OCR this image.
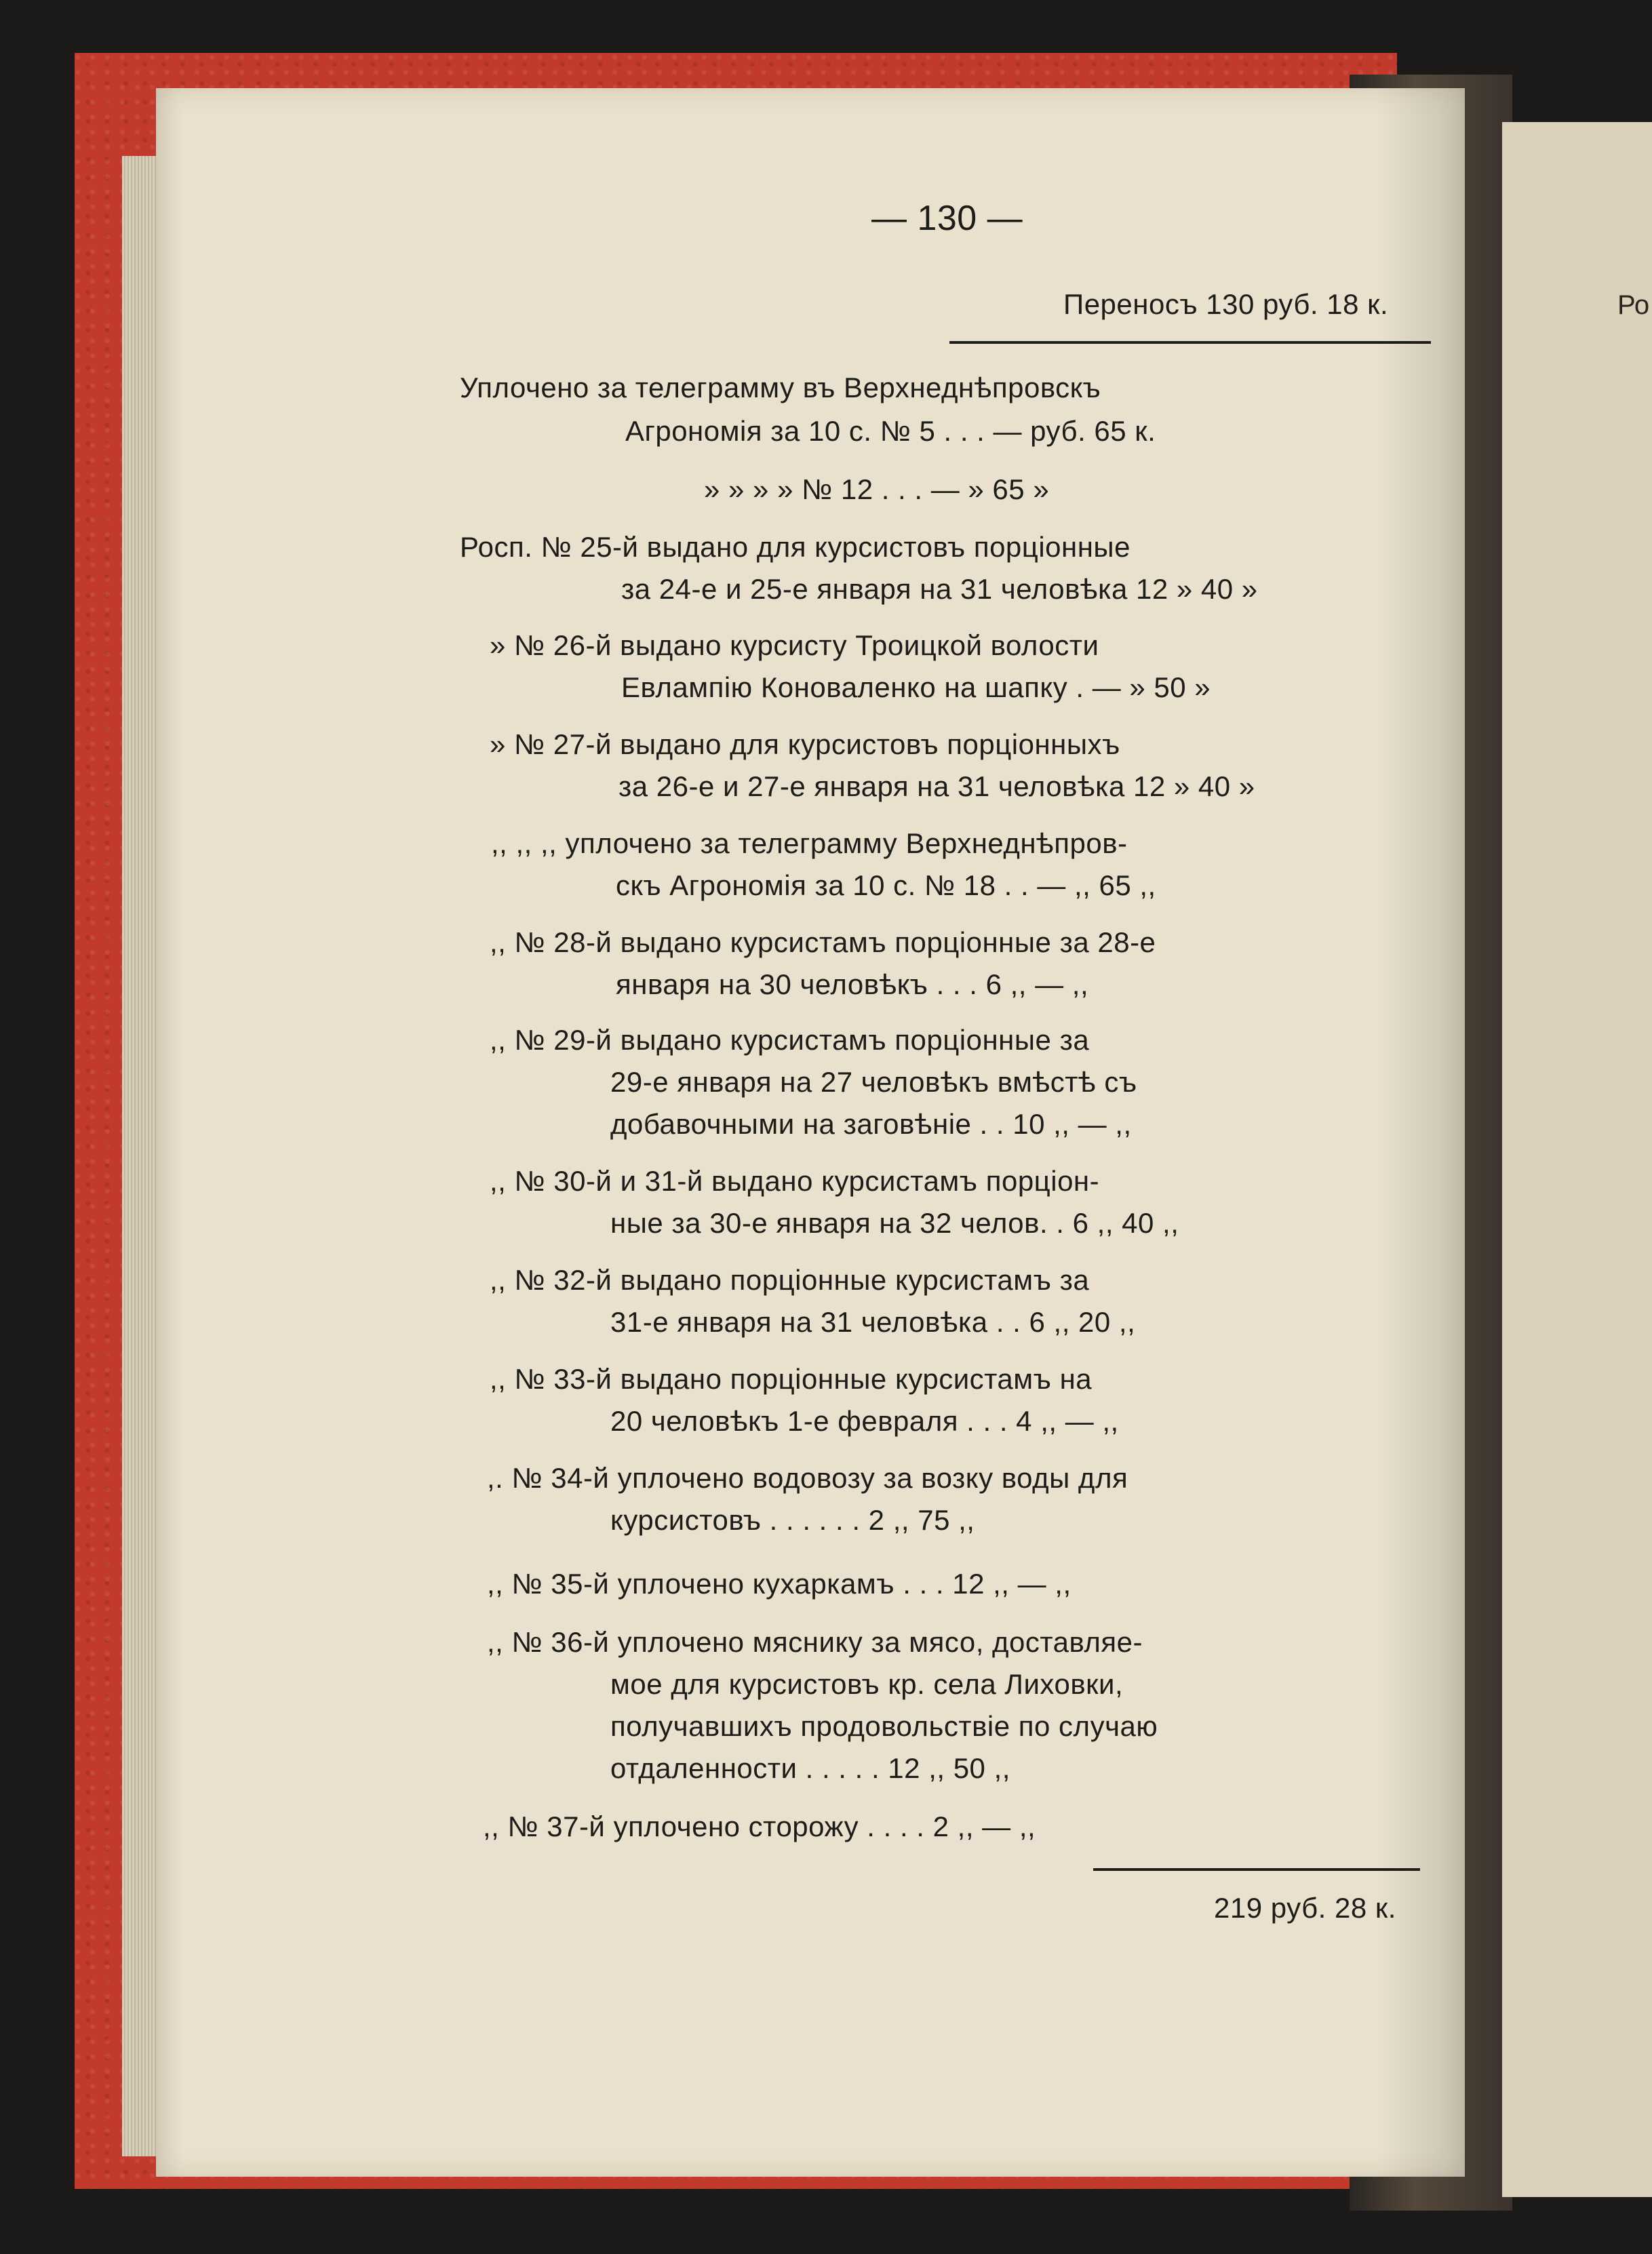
Ро
— 130 —
Переносъ 130 руб. 18 к.
Уплочено за телеграмму въ Верхнеднѣпровскъ
Агрономія за 10 с. № 5 . . . — руб. 65 к.
» » » » № 12 . . . — » 65 »
Росп. № 25-й выдано для курсистовъ порціонные
за 24-е и 25-е января на 31 человѣка 12 » 40 »
» № 26-й выдано курсисту Троицкой волости
Евлампію Коноваленко на шапку . — » 50 »
» № 27-й выдано для курсистовъ порціонныхъ
за 26-е и 27-е января на 31 человѣка 12 » 40 »
,, ,, ,, уплочено за телеграмму Верхнеднѣпров-
скъ Агрономія за 10 с. № 18 . . — ,, 65 ,,
,, № 28-й выдано курсистамъ порціонные за 28-е
января на 30 человѣкъ . . . 6 ,, — ,,
,, № 29-й выдано курсистамъ порціонные за
29-е января на 27 человѣкъ вмѣстѣ съ
добавочными на заговѣніе . . 10 ,, — ,,
,, № 30-й и 31-й выдано курсистамъ порціон-
ные за 30-е января на 32 челов. . 6 ,, 40 ,,
,, № 32-й выдано порціонные курсистамъ за
31-е января на 31 человѣка . . 6 ,, 20 ,,
,, № 33-й выдано порціонные курсистамъ на
20 человѣкъ 1-е февраля . . . 4 ,, — ,,
,. № 34-й уплочено водовозу за возку воды для
курсистовъ . . . . . . 2 ,, 75 ,,
,, № 35-й уплочено кухаркамъ . . . 12 ,, — ,,
,, № 36-й уплочено мяснику за мясо, доставляе-
мое для курсистовъ кр. села Лиховки,
получавшихъ продовольствіе по случаю
отдаленности . . . . . 12 ,, 50 ,,
,, № 37-й уплочено сторожу . . . . 2 ,, — ,,
219 руб. 28 к.
